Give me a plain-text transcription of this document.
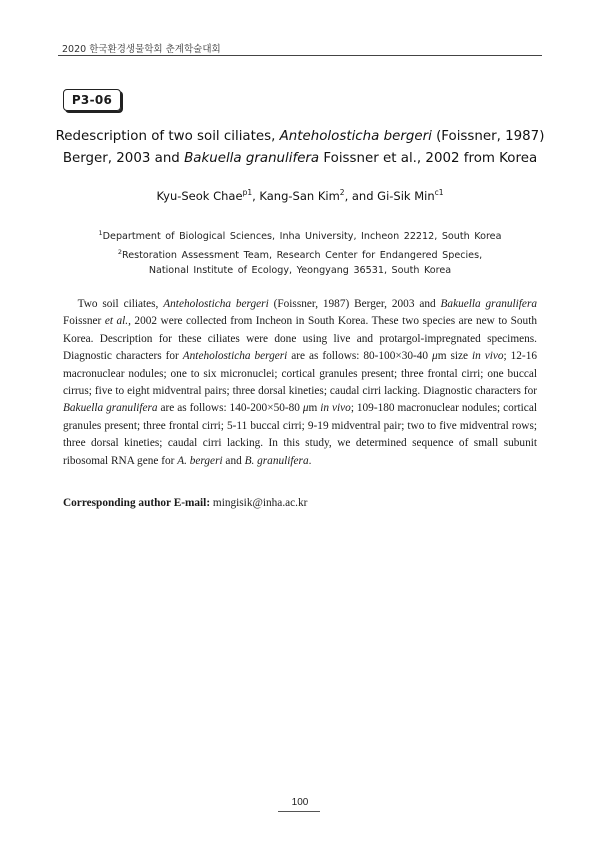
2020 한국환경생물학회 춘계학술대회
P3-06
Redescription of two soil ciliates, Anteholosticha bergeri (Foissner, 1987)
Berger, 2003 and Bakuella granulifera Foissner et al., 2002 from Korea
Kyu-Seok Chae$^{p1}$, Kang-San Kim$^2$, and Gi-Sik Min$^{c1}$
$^1$Department of Biological Sciences, Inha University, Incheon 22212, South Korea
$^2$Restoration Assessment Team, Research Center for Endangered Species,
National Institute of Ecology, Yeongyang 36531, South Korea

Two soil ciliates, Anteholosticha bergeri (Foissner, 1987) Berger, 2003 and Bakuella granulifera Foissner et al., 2002 were collected from Incheon in South Korea. These two species are new to South Korea. Description for these ciliates were done using live and protargol-impregnated specimens. Diagnostic characters for Anteholosticha bergeri are as follows: 80-100×30-40 μm size in vivo; 12-16 macronuclear nodules; one to six micronuclei; cortical granules present; three frontal cirri; one buccal cirrus; five to eight midventral pairs; three dorsal kineties; caudal cirri lacking. Diagnostic characters for Bakuella granulifera are as follows: 140-200×50-80 μm in vivo; 109-180 macronuclear nodules; cortical granules present; three frontal cirri; 5-11 buccal cirri; 9-19 midventral pair; two to five midventral rows; three dorsal kineties; caudal cirri lacking. In this study, we determined sequence of small subunit ribosomal RNA gene for A. bergeri and B. granulifera.

Corresponding author E-mail: mingisik@inha.ac.kr
100
